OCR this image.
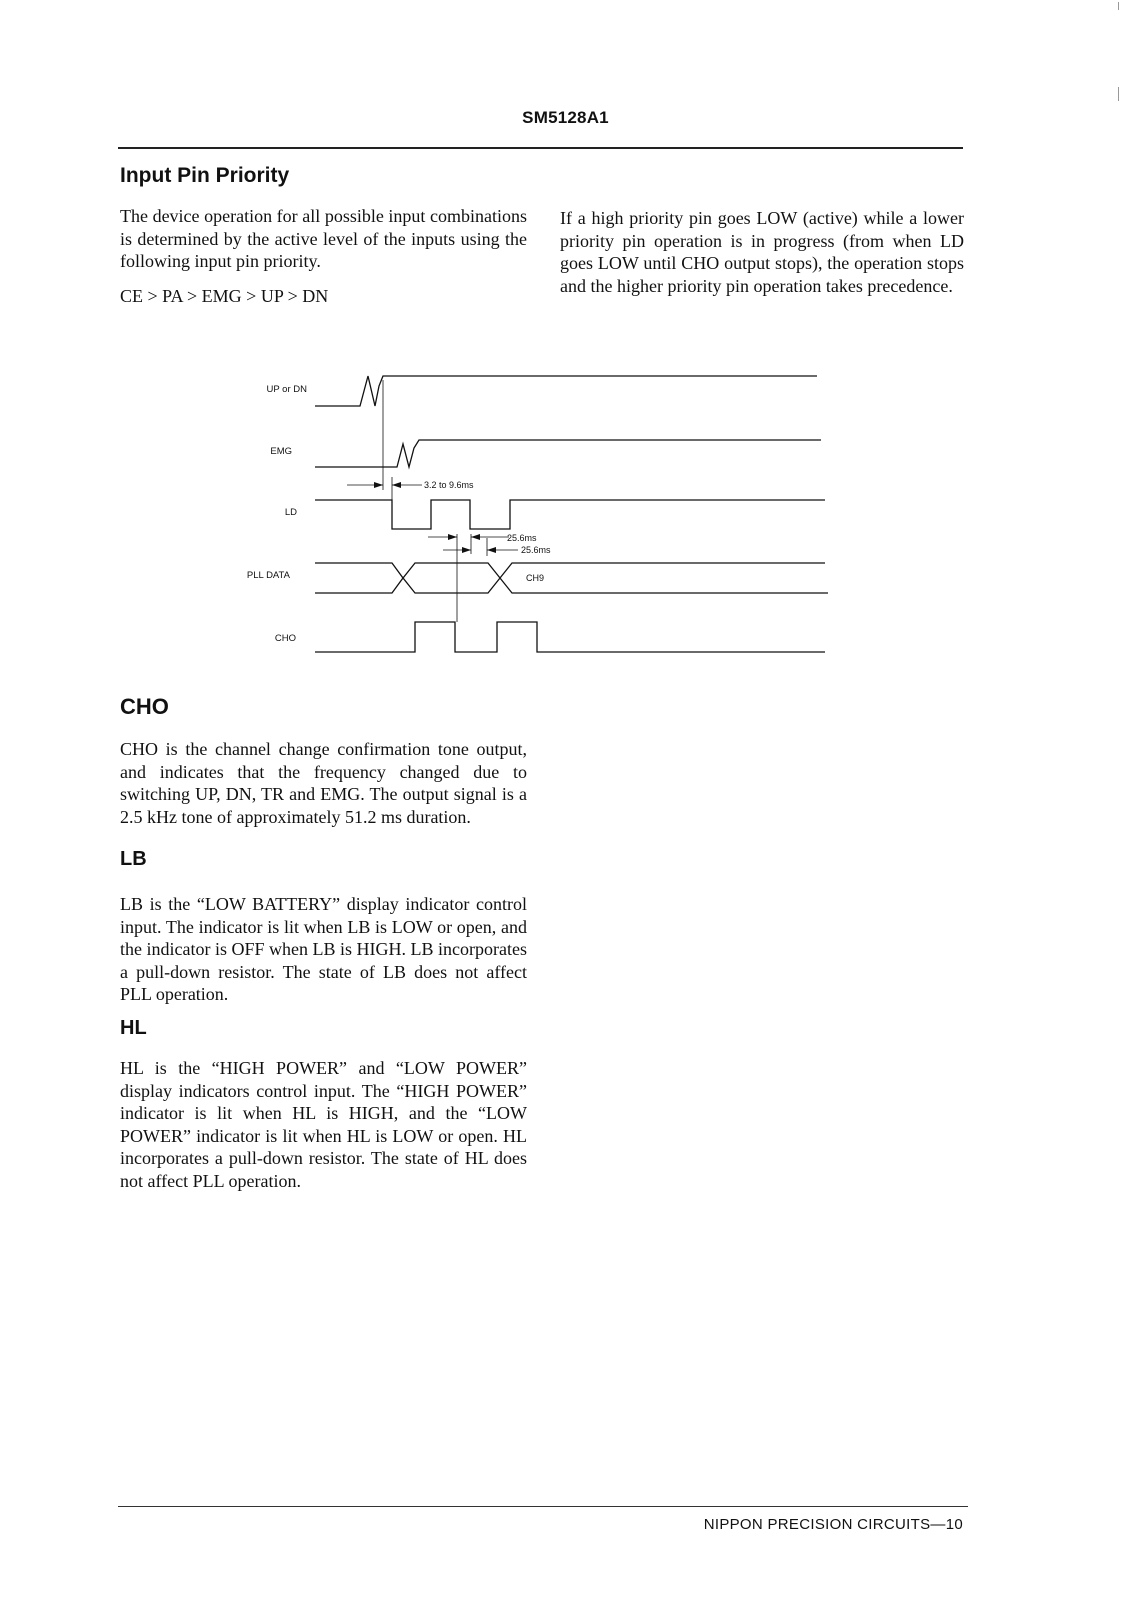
SM5128A1
Input Pin Priority

The device operation for all possible input combinations is determined by the active level of the inputs using the following input pin priority.

CE > PA > EMG > UP > DN

If a high priority pin goes LOW (active) while a lower priority pin operation is in progress (from when LD goes LOW until CHO output stops), the operation stops and the higher priority pin operation takes precedence.

UP or DN
EMG
LD
PLL DATA
CHO
3.2 to 9.6ms
25.6ms
25.6ms
CH9
CHO

CHO is the channel change confirmation tone output, and indicates that the frequency changed due to switching UP, DN, TR and EMG. The output signal is a 2.5 kHz tone of approximately 51.2 ms duration.

LB

LB is the “LOW BATTERY” display indicator control input. The indicator is lit when LB is LOW or open, and the indicator is OFF when LB is HIGH. LB incorporates a pull-down resistor. The state of LB does not affect PLL operation.

HL

HL is the “HIGH POWER” and “LOW POWER” display indicators control input. The “HIGH POWER” indicator is lit when HL is HIGH, and the “LOW POWER” indicator is lit when HL is LOW or open. HL incorporates a pull-down resistor. The state of HL does not affect PLL operation.

NIPPON PRECISION CIRCUITS—10
